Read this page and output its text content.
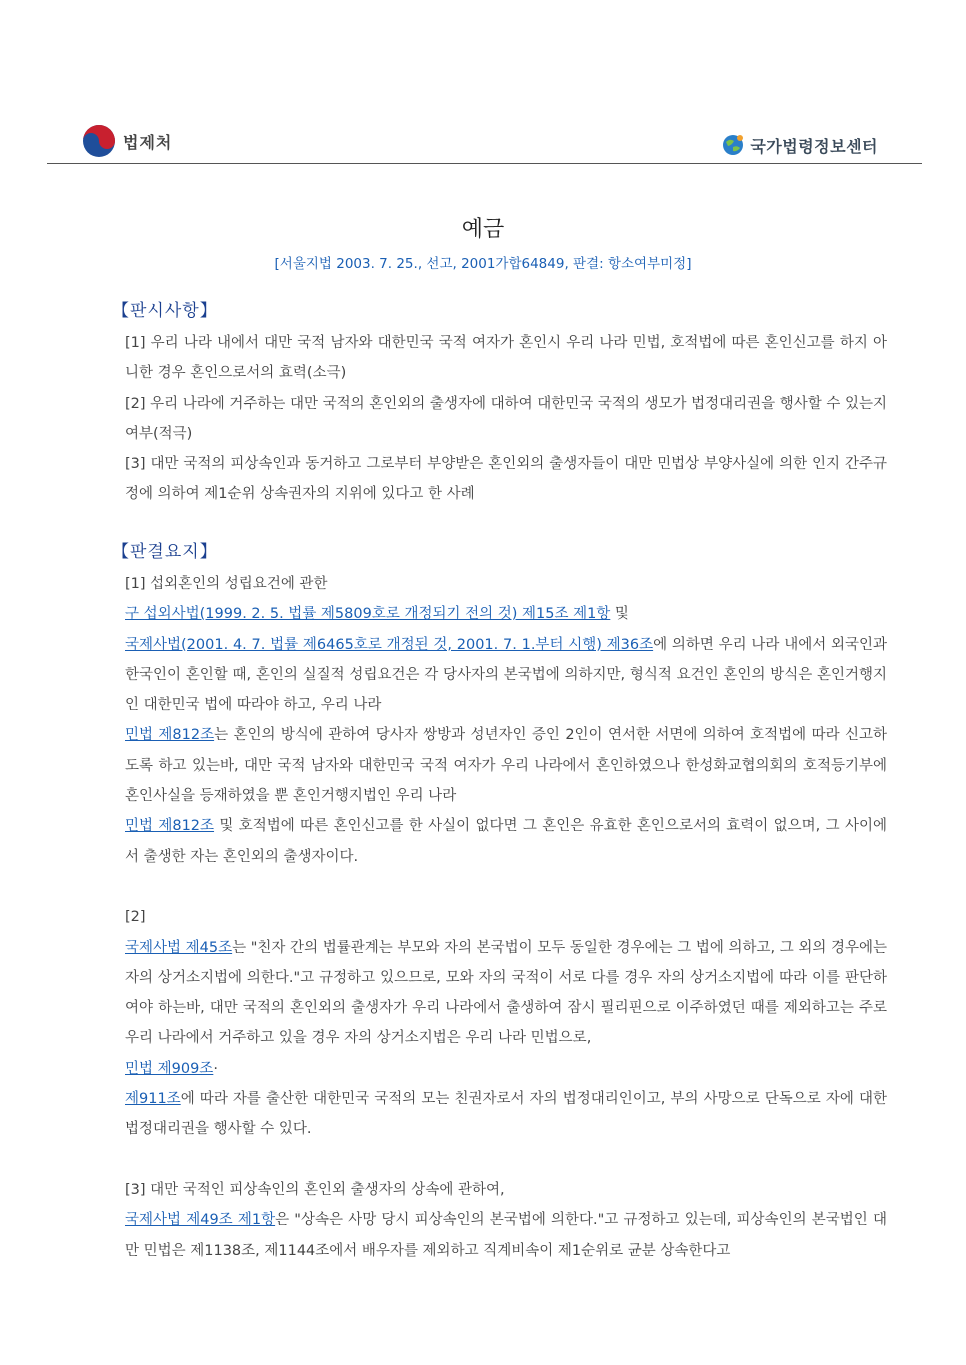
법제처	국가법령정보센터
예금
[서울지법 2003. 7. 25., 선고, 2001가합64849, 판결: 항소여부미정]
【판시사항】

[1] 우리 나라 내에서 대만 국적 남자와 대한민국 국적 여자가 혼인시 우리 나라 민법, 호적법에 따른 혼인신고를 하지 아니한 경우 혼인으로서의 효력(소극)

[2] 우리 나라에 거주하는 대만 국적의 혼인외의 출생자에 대하여 대한민국 국적의 생모가 법정대리권을 행사할 수 있는지 여부(적극)

[3] 대만 국적의 피상속인과 동거하고 그로부터 부양받은 혼인외의 출생자들이 대만 민법상 부양사실에 의한 인지 간주규정에 의하여 제1순위 상속권자의 지위에 있다고 한 사례

【판결요지】

[1] 섭외혼인의 성립요건에 관한

구 섭외사법(1999. 2. 5. 법률 제5809호로 개정되기 전의 것) 제15조 제1항 및

국제사법(2001. 4. 7. 법률 제6465호로 개정된 것, 2001. 7. 1.부터 시행) 제36조에 의하면 우리 나라 내에서 외국인과 한국인이 혼인할 때, 혼인의 실질적 성립요건은 각 당사자의 본국법에 의하지만, 형식적 요건인 혼인의 방식은 혼인거행지인 대한민국 법에 따라야 하고, 우리 나라

민법 제812조는 혼인의 방식에 관하여 당사자 쌍방과 성년자인 증인 2인이 연서한 서면에 의하여 호적법에 따라 신고하도록 하고 있는바, 대만 국적 남자와 대한민국 국적 여자가 우리 나라에서 혼인하였으나 한성화교협의회의 호적등기부에 혼인사실을 등재하였을 뿐 혼인거행지법인 우리 나라

민법 제812조 및 호적법에 따른 혼인신고를 한 사실이 없다면 그 혼인은 유효한 혼인으로서의 효력이 없으며, 그 사이에서 출생한 자는 혼인외의 출생자이다.

[2]

국제사법 제45조는 "친자 간의 법률관계는 부모와 자의 본국법이 모두 동일한 경우에는 그 법에 의하고, 그 외의 경우에는 자의 상거소지법에 의한다."고 규정하고 있으므로, 모와 자의 국적이 서로 다를 경우 자의 상거소지법에 따라 이를 판단하여야 하는바, 대만 국적의 혼인외의 출생자가 우리 나라에서 출생하여 잠시 필리핀으로 이주하였던 때를 제외하고는 주로 우리 나라에서 거주하고 있을 경우 자의 상거소지법은 우리 나라 민법으로,

민법 제909조·

제911조에 따라 자를 출산한 대한민국 국적의 모는 친권자로서 자의 법정대리인이고, 부의 사망으로 단독으로 자에 대한 법정대리권을 행사할 수 있다.

[3] 대만 국적인 피상속인의 혼인외 출생자의 상속에 관하여,

국제사법 제49조 제1항은 "상속은 사망 당시 피상속인의 본국법에 의한다."고 규정하고 있는데, 피상속인의 본국법인 대만 민법은 제1138조, 제1144조에서 배우자를 제외하고 직계비속이 제1순위로 균분 상속한다고
